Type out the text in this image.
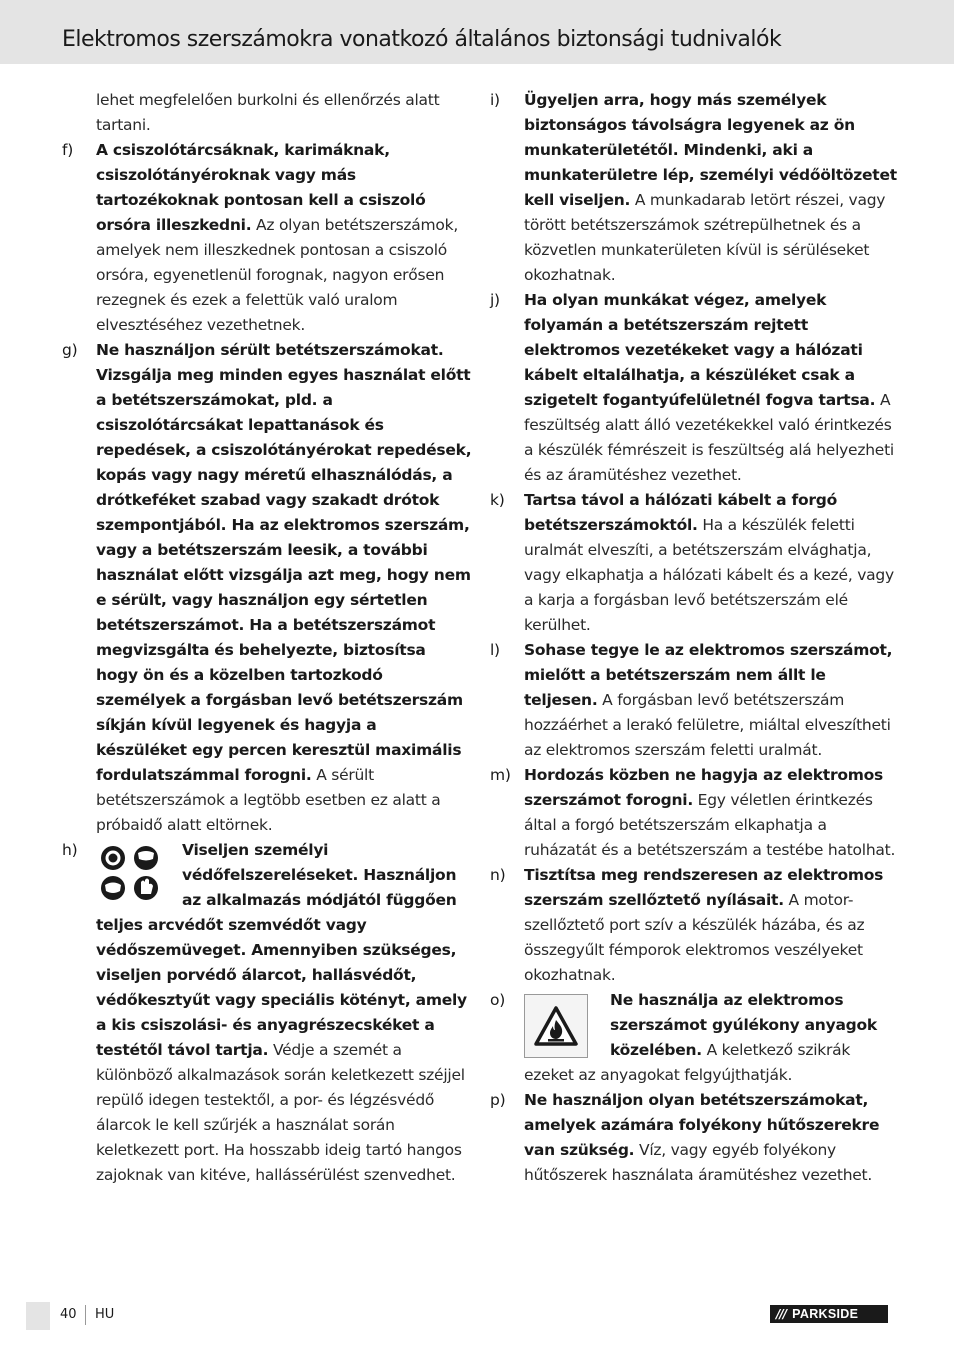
Elektromos szerszámokra vonatkozó általános biztonsági tudnivalók
lehet megfelelően burkolni és ellenőrzés alatt tartani.
f)	A csiszolótárcsáknak, karimáknak, csiszolótányéroknak vagy más tartozékoknak pontosan kell a csiszoló orsóra illeszkedni. Az olyan betétszerszámok, amelyek nem illeszkednek pontosan a csiszoló orsóra, egyenetlenül forognak, nagyon erősen rezegnek és ezek a felettük való uralom elvesztéséhez vezethetnek.
g)	Ne használjon sérült betétszerszámokat. Vizsgálja meg minden egyes használat előtt a betétszerszámokat, pld. a csiszolótárcsákat lepattanások és repedések, a csiszolótányérokat repedések, kopás vagy nagy méretű elhasználódás, a drótkeféket szabad vagy szakadt drótok szempontjából. Ha az elektromos szerszám, vagy a betétszerszám leesik, a további használat előtt vizsgálja azt meg, hogy nem e sérült, vagy használjon egy sértetlen betétszerszámot. Ha a betétszerszámot megvizsgálta és behelyezte, biztosítsa hogy ön és a közelben tartozkodó személyek a forgásban levő betétszerszám síkján kívül legyenek és hagyja a készüléket egy percen keresztül maximális fordulatszámmal forogni. A sérült betétszerszámok a legtöbb esetben ez alatt a próbaidő alatt eltörnek.
h)	Viseljen személyi védőfelszereléseket. Használjon az alkalmazás módjától függően teljes arcvédőt szemvédőt vagy védőszemüveget. Amennyiben szükséges, viseljen porvédő álarcot, hallásvédőt, védőkesztyűt vagy speciális kötényt, amely a kis csiszolási- és anyagrészecskéket a testétől távol tartja. Védje a szemét a különböző alkalmazások során keletkezett széjjel repülő idegen testektől, a por- és légzésvédő álarcok le kell szűrjék a használat során keletkezett port. Ha hosszabb ideig tartó hangos zajoknak van kitéve, hallássérülést szenvedhet.
i)	Ügyeljen arra, hogy más személyek biztonságos távolságra legyenek az ön munkaterületétől. Mindenki, aki a munkaterületre lép, személyi védőöltözetet kell viseljen. A munkadarab letört részei, vagy törött betétszerszámok szétrepülhetnek és a közvetlen munkaterületen kívül is sérüléseket okozhatnak.
j)	Ha olyan munkákat végez, amelyek folyamán a betétszerszám rejtett elektromos vezetékeket vagy a hálózati kábelt eltalálhatja, a készüléket csak a szigetelt fogantyúfelületnél fogva tartsa. A feszültség alatt álló vezetékekkel való érintkezés a készülék fémrészeit is feszültség alá helyezheti és az áramütéshez vezethet.
k)	Tartsa távol a hálózati kábelt a forgó betétszerszámoktól. Ha a készülék feletti uralmát elveszíti, a betétszerszám elvághatja, vagy elkaphatja a hálózati kábelt és a kezé, vagy a karja a forgásban levő betétszerszám elé kerülhet.
l)	Sohase tegye le az elektromos szerszámot, mielőtt a betétszerszám nem állt le teljesen. A forgásban levő betétszerszám hozzáérhet a lerakó felületre, miáltal elveszítheti az elektromos szerszám feletti uralmát.
m) Hordozás közben ne hagyja az elektromos szerszámot forogni. Egy véletlen érintkezés által a forgó betétszerszám elkaphatja a ruházatát és a betétszerszám a testébe hatolhat.
n)	Tisztítsa meg rendszeresen az elektromos szerszám szellőztető nyílásait. A motor-szellőztető port szív a készülék házába, és az összegyűlt fémporok elektromos veszélyeket okozhatnak.
o)	Ne használja az elektromos szerszámot gyúlékony anyagok közelében. A keletkező szikrák ezeket az anyagokat felgyújthatják.
p)	Ne használjon olyan betétszerszámokat, amelyek azámára folyékony hűtőszerekre van szükség. Víz, vagy egyéb folyékony hűtőszerek használata áramütéshez vezethet.
40 HU	/// PARKSIDE
